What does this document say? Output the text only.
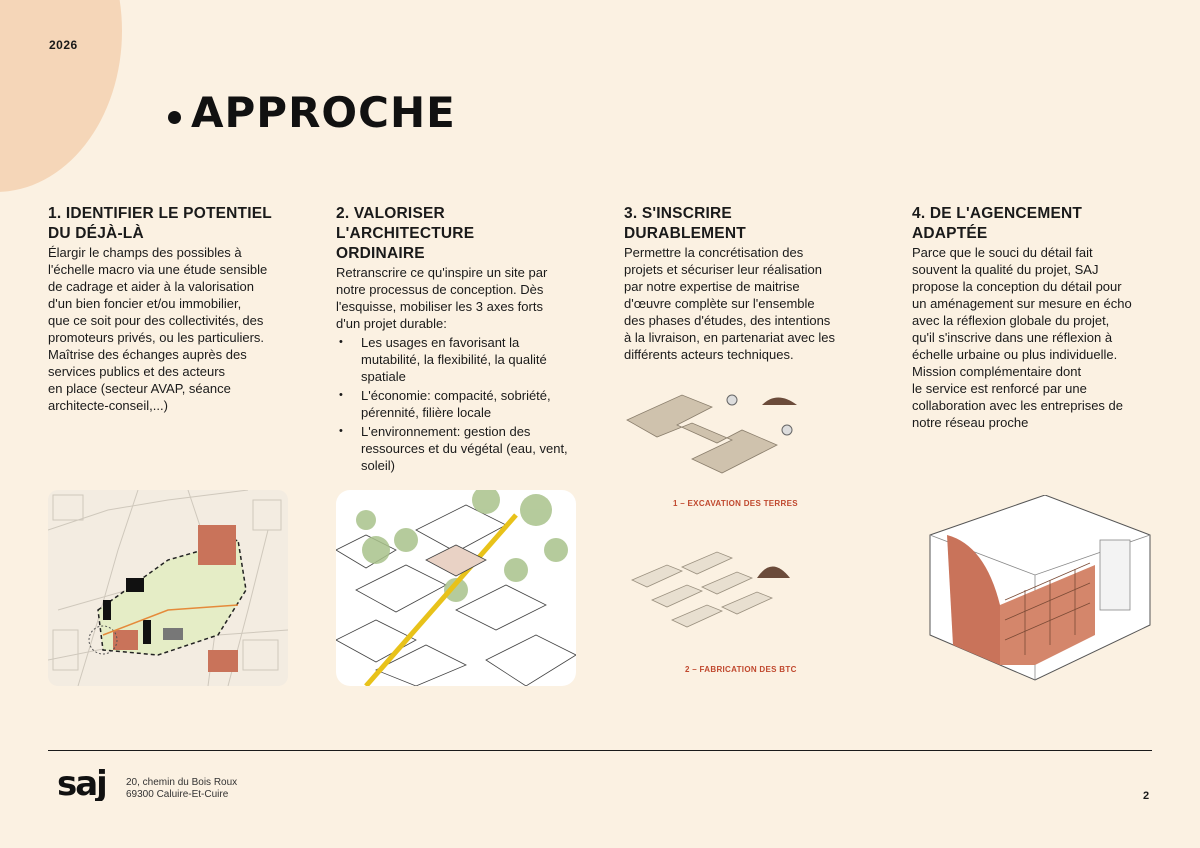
2026
APPROCHE
1. IDENTIFIER LE POTENTIEL
DU DÉJÀ-LÀ

Élargir le champs des possibles à
l'échelle macro via une étude sensible
de cadrage et aider à la valorisation
d'un bien foncier et/ou immobilier,
que ce soit pour des collectivités, des
promoteurs privés, ou les particuliers.
Maîtrise des échanges auprès des
services publics et des acteurs
en place (secteur AVAP, séance
architecte-conseil,...)

2. VALORISER
L'ARCHITECTURE
ORDINAIRE

Retranscrire ce qu'inspire un site par
notre processus de conception. Dès
l'esquisse, mobiliser les 3 axes forts
d'un projet durable:

• Les usages en favorisant la mutabilité, la flexibilité, la qualité spatiale
• L'économie: compacité, sobriété, pérennité, filière locale
• L'environnement: gestion des ressources et du végétal (eau, vent, soleil)
3. S'INSCRIRE
DURABLEMENT

Permettre la concrétisation des
projets et sécuriser leur réalisation
par notre expertise de maitrise
d'œuvre complète sur l'ensemble
des phases d'études, des intentions
à la livraison, en partenariat avec les
différents acteurs techniques.

4. DE L'AGENCEMENT
ADAPTÉE

Parce que le souci du détail fait
souvent la qualité du projet, SAJ
propose la conception du détail pour
un aménagement sur mesure en écho
avec la réflexion globale du projet,
qu'il s'inscrive dans une réflexion à
échelle urbaine ou plus individuelle.
Mission complémentaire dont
le service est renforcé par une
collaboration avec les entreprises de
notre réseau proche

1 – EXCAVATION DES TERRES
2 – FABRICATION DES BTC
saj 20, chemin du Bois Roux
69300 Caluire-Et-Cuire	2
